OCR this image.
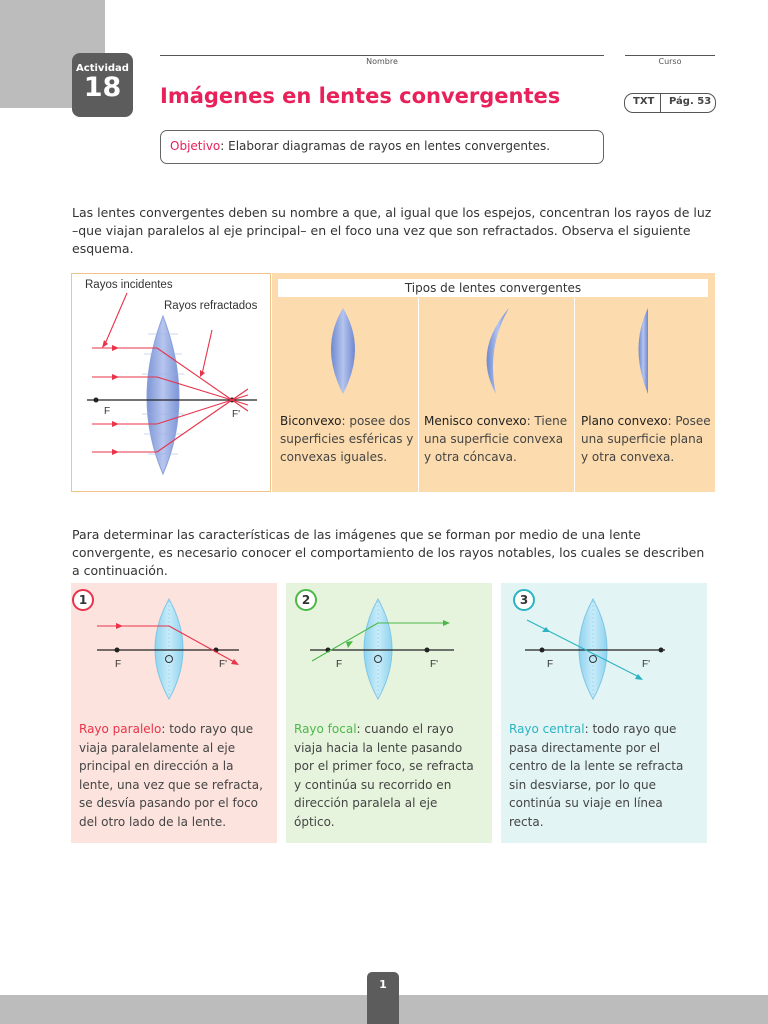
Actividad
18
Nombre	Curso
Imágenes en lentes convergentes	TXT Pág. 53
Objetivo: Elaborar diagramas de rayos en lentes convergentes.
Las lentes convergentes deben su nombre a que, al igual que los espejos, concentran los rayos de luz –que viajan paralelos al eje principal– en el foco una vez que son refractados. Observa el siguiente esquema.
Rayos incidentes
Rayos refractados
F	F'
Tipos de lentes convergentes
Biconvexo: posee dos superficies esféricas y convexas iguales.
Menisco convexo: Tiene una superficie convexa y otra cóncava.
Plano convexo: Posee una superficie plana y otra convexa.
Para determinar las características de las imágenes que se forman por medio de una lente convergente, es necesario conocer el comportamiento de los rayos notables, los cuales se describen a continuación.
1
F	F'
Rayo paralelo: todo rayo que viaja paralelamente al eje principal en dirección a la lente, una vez que se refracta, se desvía pasando por el foco del otro lado de la lente.
2
F	F'
Rayo focal: cuando el rayo viaja hacia la lente pasando por el primer foco, se refracta y continúa su recorrido en dirección paralela al eje óptico.
3
F	F'
Rayo central: todo rayo que pasa directamente por el centro de la lente se refracta sin desviarse, por lo que continúa su viaje en línea recta.
1
